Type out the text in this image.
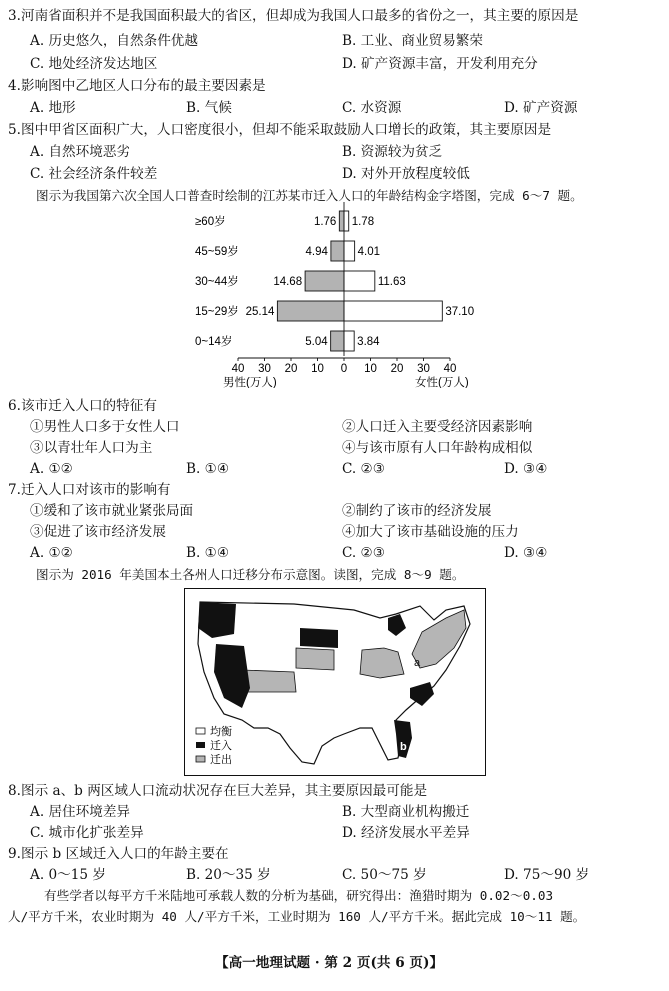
3.河南省面积并不是我国面积最大的省区，但却成为我国人口最多的省份之一，其主要的原因是
A. 历史悠久，自然条件优越	B. 工业、商业贸易繁荣
C. 地处经济发达地区	D. 矿产资源丰富，开发利用充分
4.影响图中乙地区人口分布的最主要因素是
A. 地形	B. 气候	C. 水资源	D. 矿产资源
5.图中甲省区面积广大，人口密度很小，但却不能采取鼓励人口增长的政策，其主要原因是
A. 自然环境恶劣	B. 资源较为贫乏
C. 社会经济条件较差	D. 对外开放程度较低
图示为我国第六次全国人口普查时绘制的江苏某市迁入人口的年龄结构金字塔图，完成 6～7 题。
≥60岁
45~59岁
30~44岁
15~29岁
0~14岁
1.76 1.78
4.94	4.01
14.68	11.63
25.14	37.10
5.04	3.84
40 30 20 10 0 10 20 30 40
男性(万人)	女性(万人)
6.该市迁入人口的特征有
①男性人口多于女性人口	②人口迁入主要受经济因素影响
③以青壮年人口为主	④与该市原有人口年龄构成相似
A. ①②	B. ①④	C. ②③	D. ③④
7.迁入人口对该市的影响有
①缓和了该市就业紧张局面	②制约了该市的经济发展
③促进了该市经济发展	④加大了该市基础设施的压力
A. ①②	B. ①④	C. ②③	D. ③④
图示为 2016 年美国本土各州人口迁移分布示意图。读图，完成 8～9 题。
a
b
均衡
迁入
迁出
8.图示 a、b 两区域人口流动状况存在巨大差异，其主要原因最可能是
A. 居住环境差异	B. 大型商业机构搬迁
C. 城市化扩张差异	D. 经济发展水平差异
9.图示 b 区域迁入人口的年龄主要在
A. 0～15 岁	B. 20～35 岁	C. 50～75 岁	D. 75～90 岁
有些学者以每平方千米陆地可承载人数的分析为基础，研究得出：渔猎时期为 0.02～0.03
人/平方千米，农业时期为 40 人/平方千米，工业时期为 160 人/平方千米。据此完成 10～11 题。
【高一地理试题 · 第 2 页(共 6 页)】
